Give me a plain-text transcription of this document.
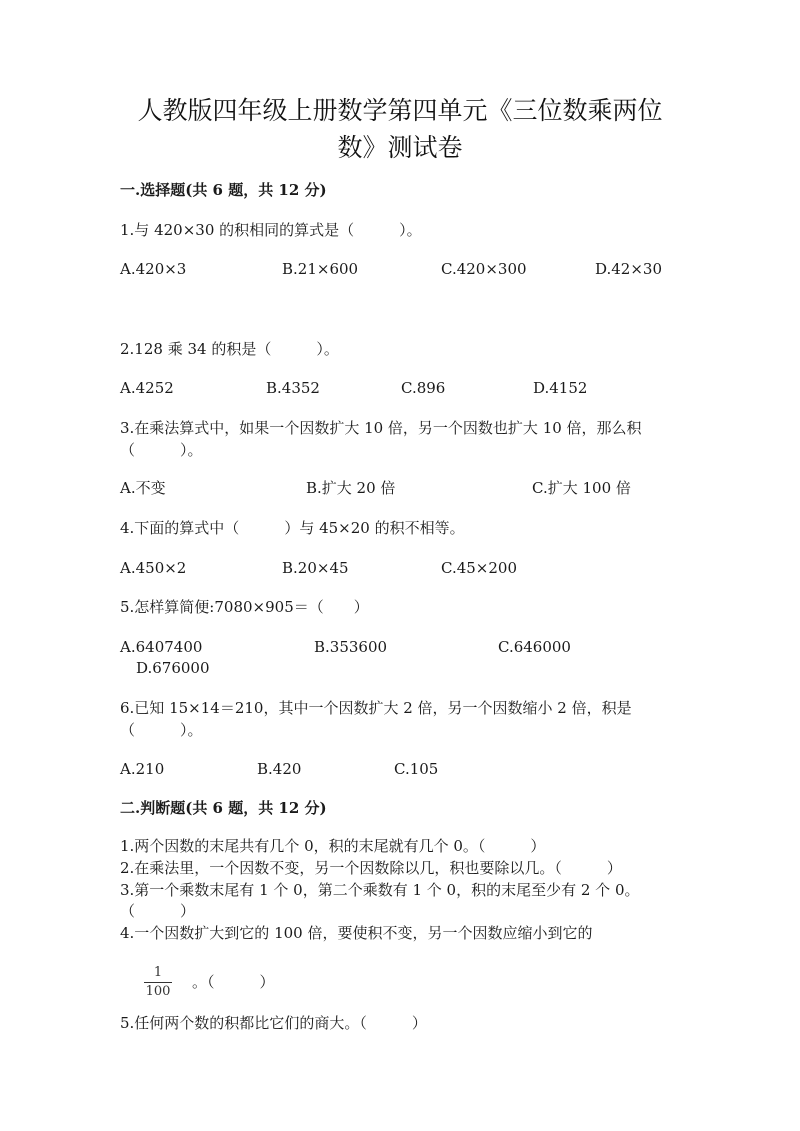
人教版四年级上册数学第四单元《三位数乘两位
数》测试卷
一.选择题(共 6 题，共 12 分)
1.与 420×30 的积相同的算式是（　　　）。
A.420×3	B.21×600	C.420×300	D.42×30
2.128 乘 34 的积是（　　　）。
A.4252	B.4352	C.896	D.4152
3.在乘法算式中，如果一个因数扩大 10 倍，另一个因数也扩大 10 倍，那么积
（　　　）。
A.不变	B.扩大 20 倍	C.扩大 100 倍
4.下面的算式中（　　　）与 45×20 的积不相等。
A.450×2	B.20×45	C.45×200
5.怎样算简便:7080×905＝（　　）
A.6407400	B.353600	C.646000
D.676000
6.已知 15×14＝210，其中一个因数扩大 2 倍，另一个因数缩小 2 倍，积是
（　　　）。
A.210	B.420	C.105
二.判断题(共 6 题，共 12 分)
1.两个因数的末尾共有几个 0，积的末尾就有几个 0。（　　　）
2.在乘法里，一个因数不变，另一个因数除以几，积也要除以几。（　　　）
3.第一个乘数末尾有 1 个 0，第二个乘数有 1 个 0，积的末尾至少有 2 个 0。
（　　　）
4.一个因数扩大到它的 100 倍，要使积不变，另一个因数应缩小到它的
1
100
。（　　　）
5.任何两个数的积都比它们的商大。（　　　）
